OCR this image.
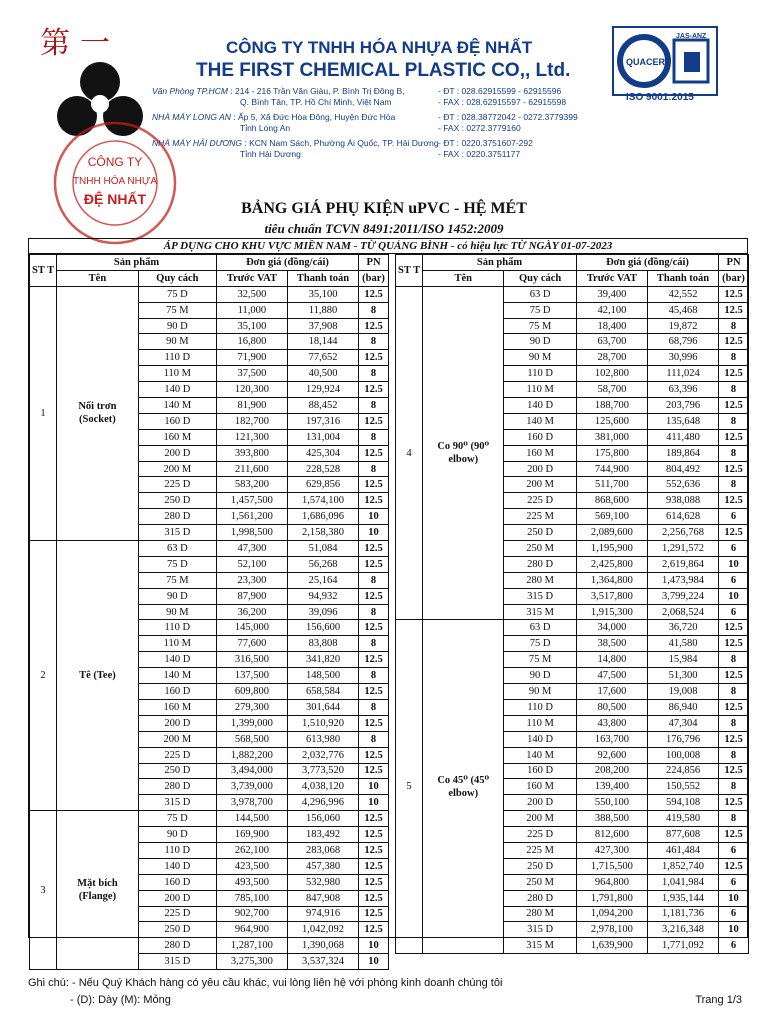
第一	CÔNG TY TNHH HÓA NHỰA ĐỆ NHẤT
THE FIRST CHEMICAL PLASTIC CO,, Ltd.
Văn Phòng TP.HCM : 214 - 216 Trần Văn Giàu, P. Bình Trị Đông B,
Q. Bình Tân, TP. Hồ Chí Minh, Việt Nam
- ĐT : 028.62915599 - 62915596
- FAX : 028.62915597 - 62915598
NHÀ MÁY LONG AN : Ấp 5, Xã Đức Hòa Đông, Huyện Đức Hòa
Tỉnh Long An
- ĐT : 028.38772042 - 0272.3779399
- FAX : 0272.3779160
NHÀ MÁY HẢI DƯƠNG : KCN Nam Sách, Phường Ái Quốc, TP. Hải Dương
Tỉnh Hải Dương
- ĐT : 0220.3751607-292
- FAX : 0220.3751177
QUACERT
JAS-ANZ
ISO 9001:2015
CÔNG TY
TNHH HÓA NHỰA
ĐỆ NHẤT
BẢNG GIÁ PHỤ KIỆN uPVC - HỆ MÉT
tiêu chuẩn TCVN 8491:2011/ISO 1452:2009
ÁP DỤNG CHO KHU VỰC MIỀN NAM - TỪ QUẢNG BÌNH - có hiệu lực TỪ NGÀY 01-07-2023
ST T	Sản phẩm		Đơn giá (đồng/cái)		PN
	Tên	Quy cách	Trước VAT	Thanh toán	(bar)
1	Nối trơn (Socket)	75 D	32,500	35,100	12.5
		75 M	11,000	11,880	8
		90 D	35,100	37,908	12.5
		90 M	16,800	18,144	8
		110 D	71,900	77,652	12.5
		110 M	37,500	40,500	8
		140 D	120,300	129,924	12.5
		140 M	81,900	88,452	8
		160 D	182,700	197,316	12.5
		160 M	121,300	131,004	8
		200 D	393,800	425,304	12.5
		200 M	211,600	228,528	8
		225 D	583,200	629,856	12.5
		250 D	1,457,500	1,574,100	12.5
		280 D	1,561,200	1,686,096	10
		315 D	1,998,500	2,158,380	10
2	Tê (Tee)	63 D	47,300	51,084	12.5
		75 D	52,100	56,268	12.5
		75 M	23,300	25,164	8
		90 D	87,900	94,932	12.5
		90 M	36,200	39,096	8
		110 D	145,000	156,600	12.5
		110 M	77,600	83,808	8
		140 D	316,500	341,820	12.5
		140 M	137,500	148,500	8
		160 D	609,800	658,584	12.5
		160 M	279,300	301,644	8
		200 D	1,399,000	1,510,920	12.5
		200 M	568,500	613,980	8
		225 D	1,882,200	2,032,776	12.5
		250 D	3,494,000	3,773,520	12.5
		280 D	3,739,000	4,038,120	10
		315 D	3,978,700	4,296,996	10
3	Mặt bích (Flange)	75 D	144,500	156,060	12.5
		90 D	169,900	183,492	12.5
		110 D	262,100	283,068	12.5
		140 D	423,500	457,380	12.5
		160 D	493,500	532,980	12.5
		200 D	785,100	847,908	12.5
		225 D	902,700	974,916	12.5
		250 D	964,900	1,042,092	12.5
		280 D	1,287,100	1,390,068	10
		315 D	3,275,300	3,537,324	10
ST T	Sản phẩm		Đơn giá (đồng/cái)		PN
	Tên	Quy cách	Trước VAT	Thanh toán	(bar)
4	Co 90⁰ (90⁰ elbow)	63 D	39,400	42,552	12.5
		75 D	42,100	45,468	12.5
		75 M	18,400	19,872	8
		90 D	63,700	68,796	12.5
		90 M	28,700	30,996	8
		110 D	102,800	111,024	12.5
		110 M	58,700	63,396	8
		140 D	188,700	203,796	12.5
		140 M	125,600	135,648	8
		160 D	381,000	411,480	12.5
		160 M	175,800	189,864	8
		200 D	744,900	804,492	12.5
		200 M	511,700	552,636	8
		225 D	868,600	938,088	12.5
		225 M	569,100	614,628	6
		250 D	2,089,600	2,256,768	12.5
		250 M	1,195,900	1,291,572	6
		280 D	2,425,800	2,619,864	10
		280 M	1,364,800	1,473,984	6
		315 D	3,517,800	3,799,224	10
		315 M	1,915,300	2,068,524	6
5	Co 45⁰ (45⁰ elbow)	63 D	34,000	36,720	12.5
		75 D	38,500	41,580	12.5
		75 M	14,800	15,984	8
		90 D	47,500	51,300	12.5
		90 M	17,600	19,008	8
		110 D	80,500	86,940	12.5
		110 M	43,800	47,304	8
		140 D	163,700	176,796	12.5
		140 M	92,600	100,008	8
		160 D	208,200	224,856	12.5
		160 M	139,400	150,552	8
		200 D	550,100	594,108	12.5
		200 M	388,500	419,580	8
		225 D	812,600	877,608	12.5
		225 M	427,300	461,484	6
		250 D	1,715,500	1,852,740	12.5
		250 M	964,800	1,041,984	6
		280 D	1,791,800	1,935,144	10
		280 M	1,094,200	1,181,736	6
		315 D	2,978,100	3,216,348	10
		315 M	1,639,900	1,771,092	6
Ghi chú: - Nếu Quý Khách hàng có yêu cầu khác, vui lòng liên hệ với phòng kinh doanh chúng tôi
- (D): Dày (M): Mỏng	Trang 1/3
